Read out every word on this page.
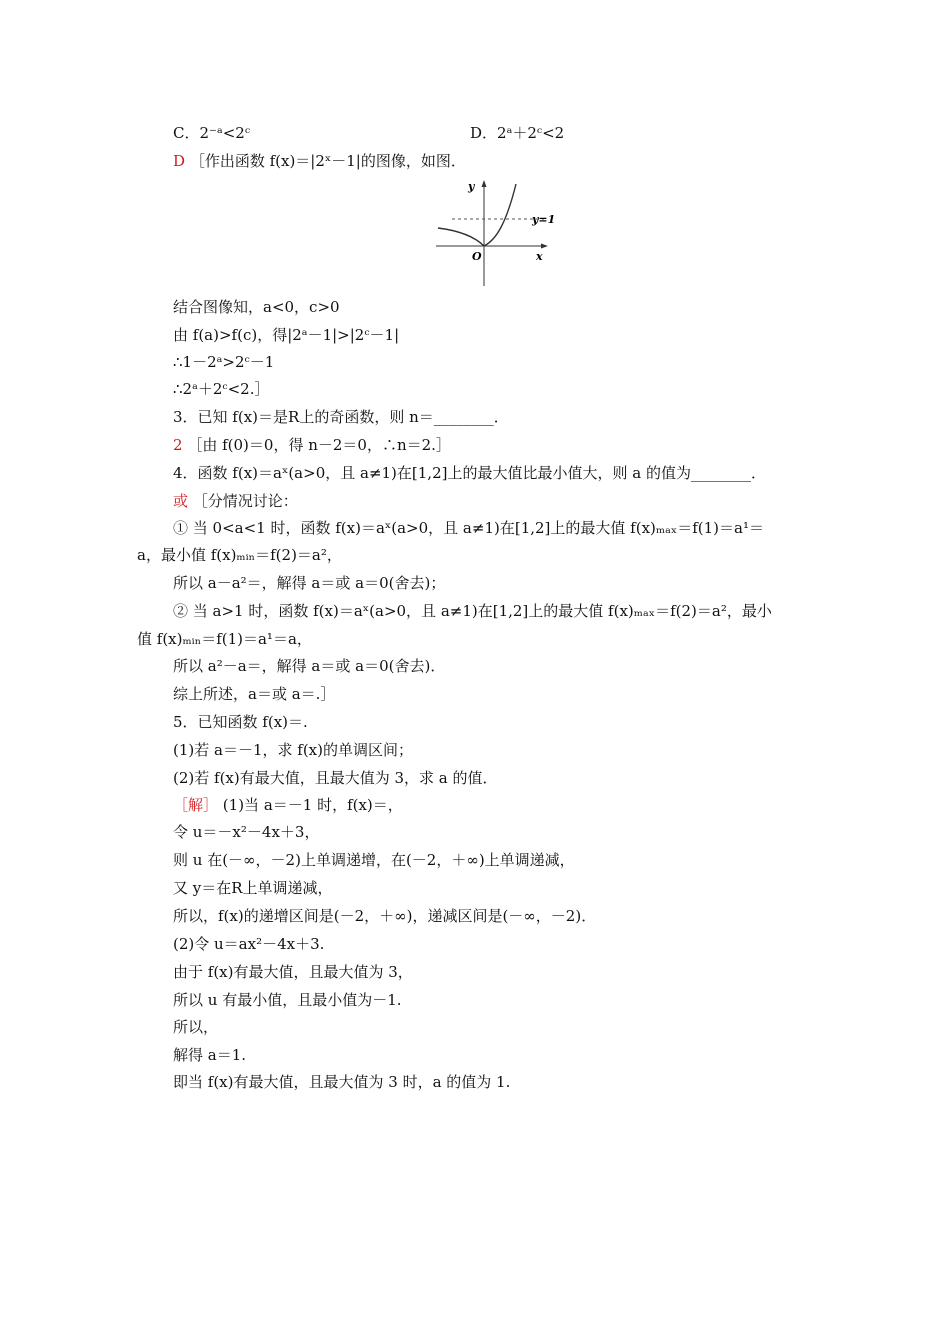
C．2⁻ᵃ<2ᶜ	D．2ᵃ＋2ᶜ<2
D ［作出函数 f(x)＝|2ˣ－1|的图像，如图．
y
x
O
y=1
结合图像知，a<0，c>0
由 f(a)>f(c)，得|2ᵃ－1|>|2ᶜ－1|
∴1－2ᵃ>2ᶜ－1
∴2ᵃ＋2ᶜ<2.］
3．已知 f(x)＝是R上的奇函数，则 n＝________．
2 ［由 f(0)＝0，得 n－2＝0，∴n＝2.］
4．函数 f(x)＝aˣ(a>0，且 a≠1)在[1,2]上的最大值比最小值大，则 a 的值为________．
或 ［分情况讨论：
① 当 0<a<1 时，函数 f(x)＝aˣ(a>0，且 a≠1)在[1,2]上的最大值 f(x)ₘₐₓ＝f(1)＝a¹＝
a，最小值 f(x)ₘᵢₙ＝f(2)＝a²，
所以 a－a²＝，解得 a＝或 a＝0(舍去)；
② 当 a>1 时，函数 f(x)＝aˣ(a>0，且 a≠1)在[1,2]上的最大值 f(x)ₘₐₓ＝f(2)＝a²，最小
值 f(x)ₘᵢₙ＝f(1)＝a¹＝a，
所以 a²－a＝，解得 a＝或 a＝0(舍去)．
综上所述，a＝或 a＝.］
5．已知函数 f(x)＝.
(1)若 a＝－1，求 f(x)的单调区间；
(2)若 f(x)有最大值，且最大值为 3，求 a 的值．
［解］ (1)当 a＝－1 时，f(x)＝，
令 u＝－x²－4x＋3，
则 u 在(－∞，－2)上单调递增，在(－2，＋∞)上单调递减，
又 y＝在R上单调递减，
所以，f(x)的递增区间是(－2，＋∞)，递减区间是(－∞，－2)．
(2)令 u＝ax²－4x＋3.
由于 f(x)有最大值，且最大值为 3，
所以 u 有最小值，且最小值为－1.
所以，
解得 a＝1.
即当 f(x)有最大值，且最大值为 3 时，a 的值为 1.
